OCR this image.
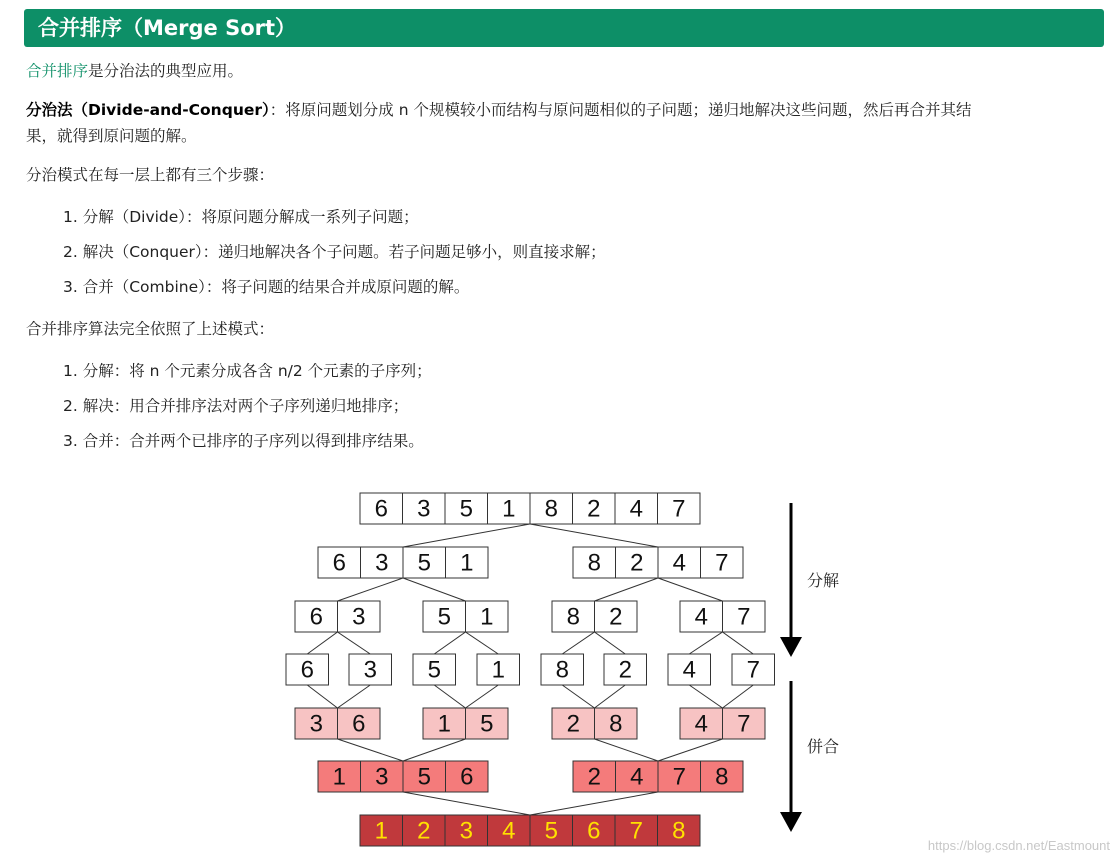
合并排序（Merge Sort）
合并排序是分治法的典型应用。
分治法（Divide-and-Conquer）：将原问题划分成 n 个规模较小而结构与原问题相似的子问题；递归地解决这些问题，然后再合并其结
果，就得到原问题的解。
分治模式在每一层上都有三个步骤：
1. 分解（Divide）：将原问题分解成一系列子问题；
2. 解决（Conquer）：递归地解决各个子问题。若子问题足够小，则直接求解；
3. 合并（Combine）：将子问题的结果合并成原问题的解。
合并排序算法完全依照了上述模式：
1. 分解：将 n 个元素分成各含 n/2 个元素的子序列；
2. 解决：用合并排序法对两个子序列递归地排序；
3. 合并：合并两个已排序的子序列以得到排序结果。
6 3 5 1 8 2 4 7
6 3 5 1	8 2 4 7
6 3	5 1	8 2	4 7
6 3 5 1 8 2 4 7
3 6	1 5	2 8	4 7
1 3 5 6	2 4 7 8
1 2 3 4 5 6 7 8
分解
併合
https://blog.csdn.net/Eastmount
